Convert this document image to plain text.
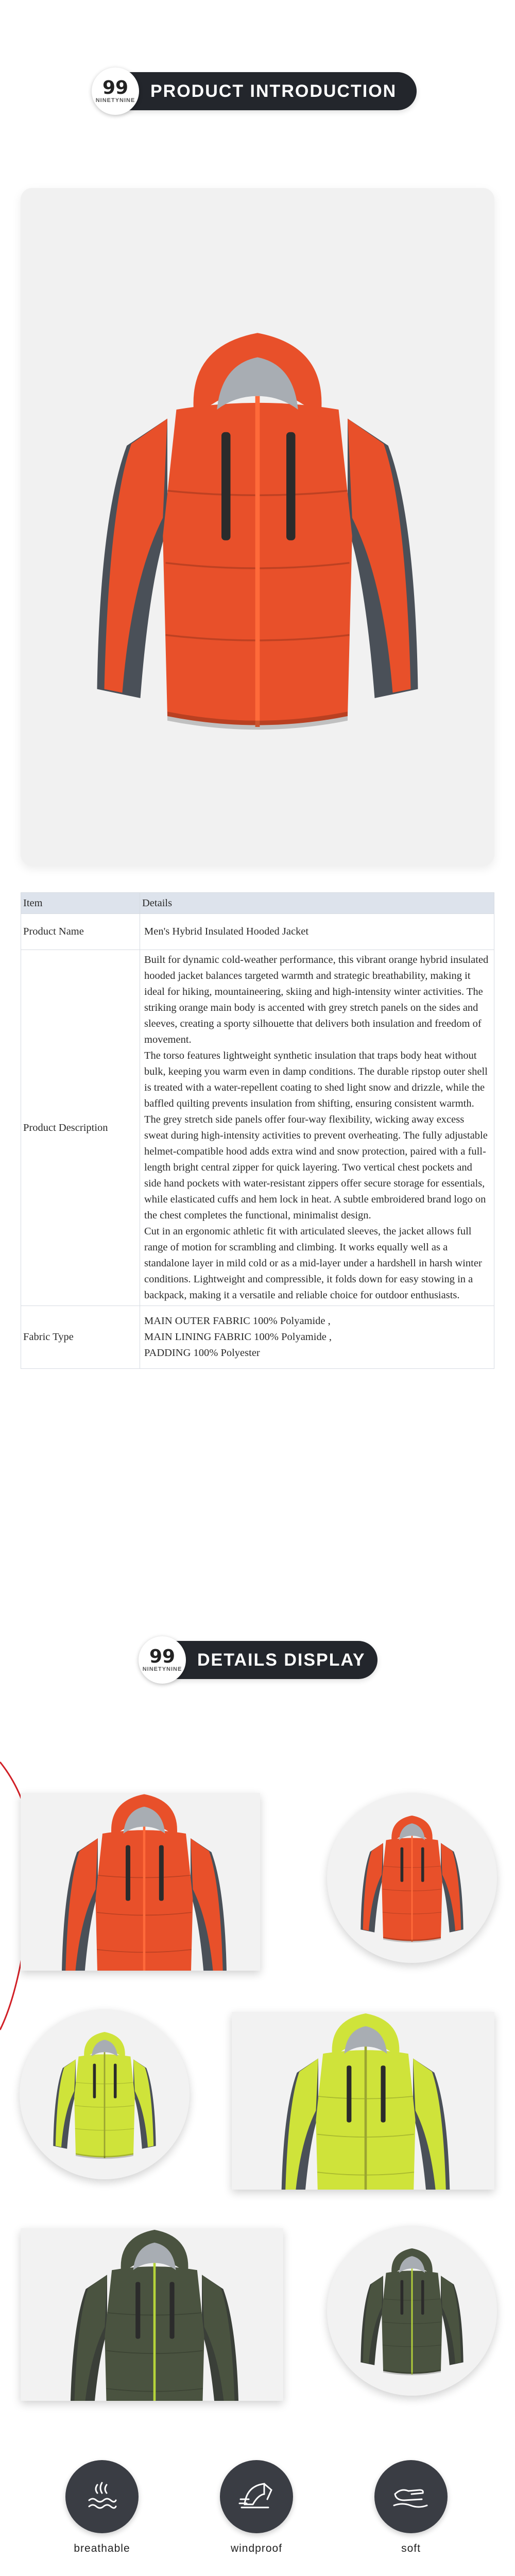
99
NINETYNINE PRODUCT INTRODUCTION
Item	Details
Product Name	Men's Hybrid Insulated Hooded Jacket
Product Description	Built for dynamic cold-weather performance, this vibrant orange hybrid insulated hooded jacket balances targeted warmth and strategic breathability, making it ideal for hiking, mountaineering, skiing and high-intensity winter activities. The striking orange main body is accented with grey stretch panels on the sides and sleeves, creating a sporty silhouette that delivers both insulation and freedom of movement.
The torso features lightweight synthetic insulation that traps body heat without bulk, keeping you warm even in damp conditions. The durable ripstop outer shell is treated with a water-repellent coating to shed light snow and drizzle, while the baffled quilting prevents insulation from shifting, ensuring consistent warmth. The grey stretch side panels offer four-way flexibility, wicking away excess sweat during high-intensity activities to prevent overheating. The fully adjustable helmet-compatible hood adds extra wind and snow protection, paired with a full-length bright central zipper for quick layering. Two vertical chest pockets and side hand pockets with water-resistant zippers offer secure storage for essentials, while elasticated cuffs and hem lock in heat. A subtle embroidered brand logo on the chest completes the functional, minimalist design.
Cut in an ergonomic athletic fit with articulated sleeves, the jacket allows full range of motion for scrambling and climbing. It works equally well as a standalone layer in mild cold or as a mid-layer under a hardshell in harsh winter conditions. Lightweight and compressible, it folds down for easy stowing in a backpack, making it a versatile and reliable choice for outdoor enthusiasts.

Fabric Type	MAIN OUTER FABRIC 100% Polyamide ,
MAIN LINING FABRIC 100% Polyamide ,
PADDING 100% Polyester
99
NINETYNINE DETAILS DISPLAY
breathable	windproof	soft
